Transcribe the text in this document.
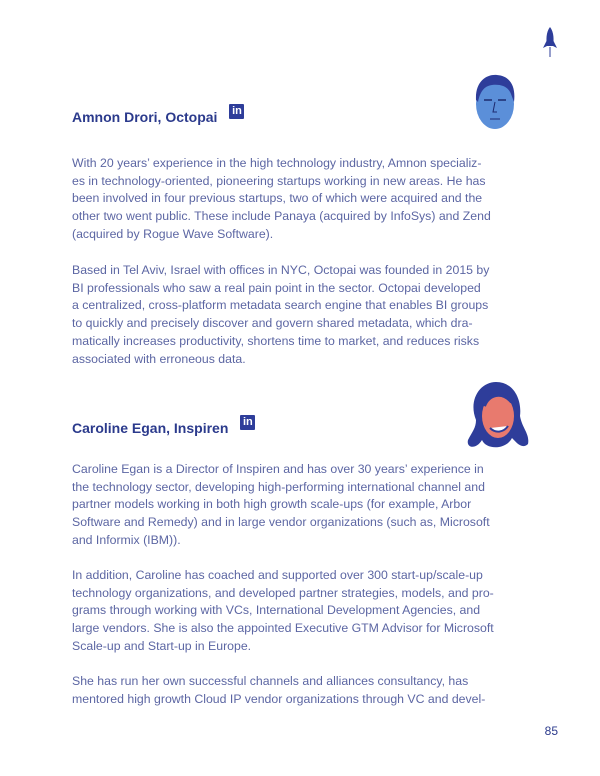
Amnon Drori, Octopai in

With 20 years’ experience in the high technology industry, Amnon specializ-
es in technology-oriented, pioneering startups working in new areas. He has
been involved in four previous startups, two of which were acquired and the
other two went public. These include Panaya (acquired by InfoSys) and Zend
(acquired by Rogue Wave Software).

Based in Tel Aviv, Israel with offices in NYC, Octopai was founded in 2015 by
BI professionals who saw a real pain point in the sector. Octopai developed
a centralized, cross-platform metadata search engine that enables BI groups
to quickly and precisely discover and govern shared metadata, which dra-
matically increases productivity, shortens time to market, and reduces risks
associated with erroneous data.

Caroline Egan, Inspiren in

Caroline Egan is a Director of Inspiren and has over 30 years’ experience in
the technology sector, developing high-performing international channel and
partner models working in both high growth scale-ups (for example, Arbor
Software and Remedy) and in large vendor organizations (such as, Microsoft
and Informix (IBM)).

In addition, Caroline has coached and supported over 300 start-up/scale-up
technology organizations, and developed partner strategies, models, and pro-
grams through working with VCs, International Development Agencies, and
large vendors. She is also the appointed Executive GTM Advisor for Microsoft
Scale-up and Start-up in Europe.

She has run her own successful channels and alliances consultancy, has
mentored high growth Cloud IP vendor organizations through VC and devel-

85
